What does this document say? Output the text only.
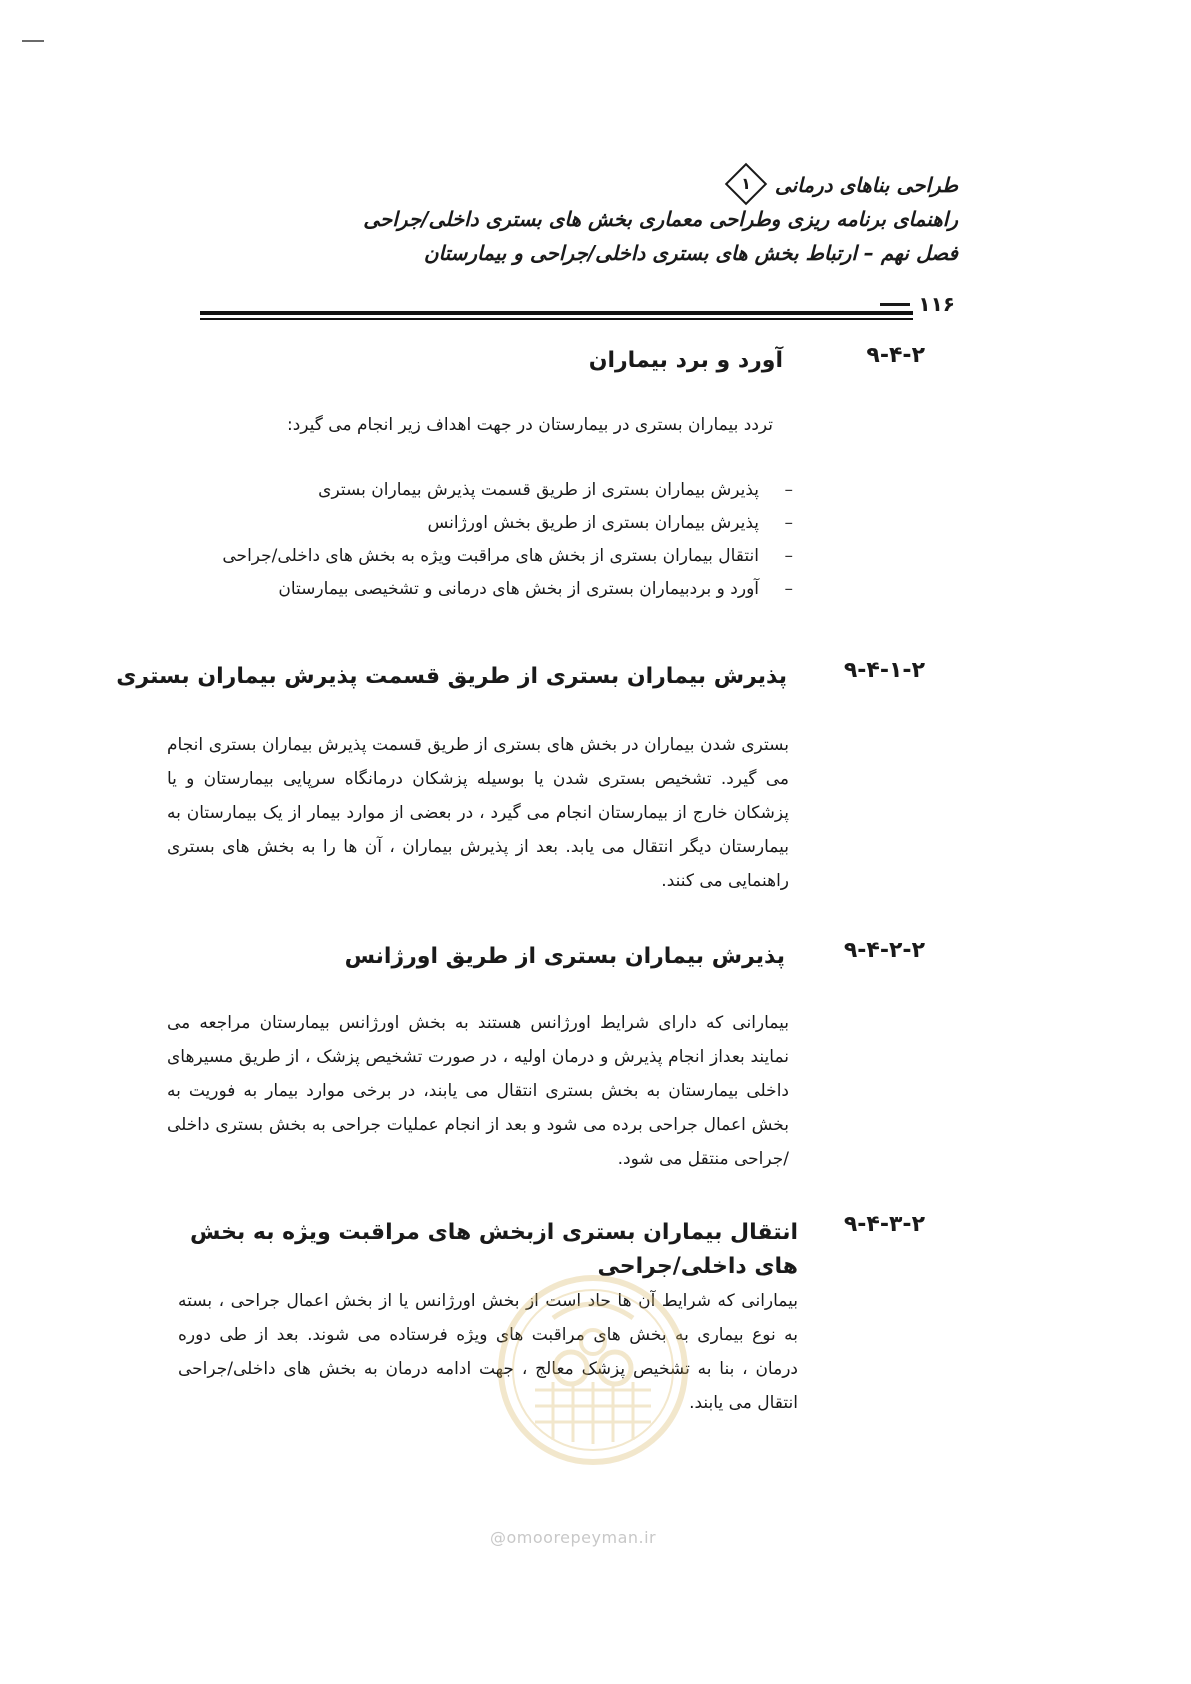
طراحی بناهای درمانی
١
راهنمای برنامه ریزی وطراحی معماری بخش های بستری داخلی/جراحی
فصل نهم – ارتباط بخش های بستری داخلی/جراحی و بیمارستان
١١۶
٩-۴-٢
آورد و برد بیماران
تردد بیماران بستری در بیمارستان در جهت اهداف زیر انجام می گیرد:
–
پذیرش بیماران بستری از طریق قسمت پذیرش بیماران بستری
–
پذیرش بیماران بستری از طریق بخش اورژانس
–
انتقال بیماران بستری از بخش های مراقبت ویژه به بخش های داخلی/جراحی
–
آورد و بردبیماران بستری از بخش های درمانی و تشخیصی بیمارستان
٩-۴-٢-١
پذیرش بیماران بستری از طریق قسمت پذیرش بیماران بستری
بستری شدن بیماران در بخش های بستری از طریق قسمت پذیرش بیماران بستری انجام می گیرد. تشخیص بستری شدن یا بوسیله پزشکان درمانگاه سرپایی بیمارستان و یا پزشکان خارج از بیمارستان انجام می گیرد ، در بعضی از موارد بیمار از یک بیمارستان به بیمارستان دیگر انتقال می یابد. بعد از پذیرش بیماران ، آن ها را به بخش های بستری راهنمایی می کنند.
٩-۴-٢-٢
پذیرش بیماران بستری از طریق اورژانس
بیمارانی که دارای شرایط اورژانس هستند به بخش اورژانس بیمارستان مراجعه می نمایند بعداز انجام پذیرش و درمان اولیه ، در صورت تشخیص پزشک ، از طریق مسیرهای داخلی بیمارستان به بخش بستری انتقال می یابند، در برخی موارد بیمار به فوریت به بخش اعمال جراحی برده می شود و بعد از انجام عملیات جراحی به بخش بستری داخلی /جراحی منتقل می شود.
٩-۴-٢-٣
انتقال بیماران بستری ازبخش های مراقبت ویژه به بخش های داخلی/جراحی
بیمارانی که شرایط آن ها حاد است از بخش اورژانس یا از بخش اعمال جراحی ، بسته به نوع بیماری به بخش های مراقبت های ویژه فرستاده می شوند. بعد از طی دوره درمان ، بنا به تشخیص پزشک معالج ، جهت ادامه درمان به بخش های داخلی/جراحی انتقال می یابند.
@omoorepeyman.ir
